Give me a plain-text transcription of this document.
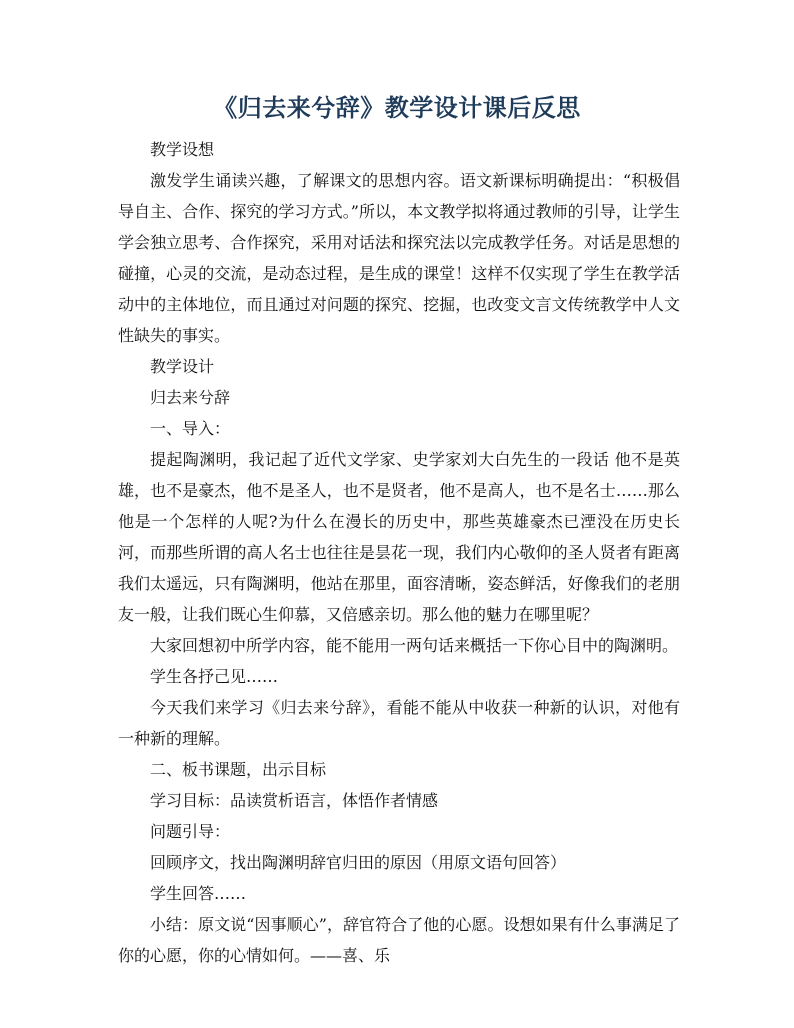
《归去来兮辞》教学设计课后反思

教学设想

激发学生诵读兴趣，了解课文的思想内容。语文新课标明确提出：“积极倡导自主、合作、探究的学习方式。”所以，本文教学拟将通过教师的引导，让学生学会独立思考、合作探究，采用对话法和探究法以完成教学任务。对话是思想的碰撞，心灵的交流，是动态过程，是生成的课堂！这样不仅实现了学生在教学活动中的主体地位，而且通过对问题的探究、挖掘，也改变文言文传统教学中人文性缺失的事实。

教学设计

归去来兮辞

一、导入：

提起陶渊明，我记起了近代文学家、史学家刘大白先生的一段话 他不是英雄，也不是豪杰，他不是圣人，也不是贤者，他不是高人，也不是名士……那么他是一个怎样的人呢?为什么在漫长的历史中，那些英雄豪杰已湮没在历史长河，而那些所谓的高人名士也往往是昙花一现，我们内心敬仰的圣人贤者有距离我们太遥远，只有陶渊明，他站在那里，面容清晰，姿态鲜活，好像我们的老朋友一般，让我们既心生仰慕，又倍感亲切。那么他的魅力在哪里呢？

大家回想初中所学内容，能不能用一两句话来概括一下你心目中的陶渊明。

学生各抒己见……

今天我们来学习《归去来兮辞》，看能不能从中收获一种新的认识，对他有一种新的理解。

二、板书课题，出示目标

学习目标：品读赏析语言，体悟作者情感

问题引导：

回顾序文，找出陶渊明辞官归田的原因（用原文语句回答）

学生回答……

小结：原文说“因事顺心”，辞官符合了他的心愿。设想如果有什么事满足了你的心愿，你的心情如何。——喜、乐
